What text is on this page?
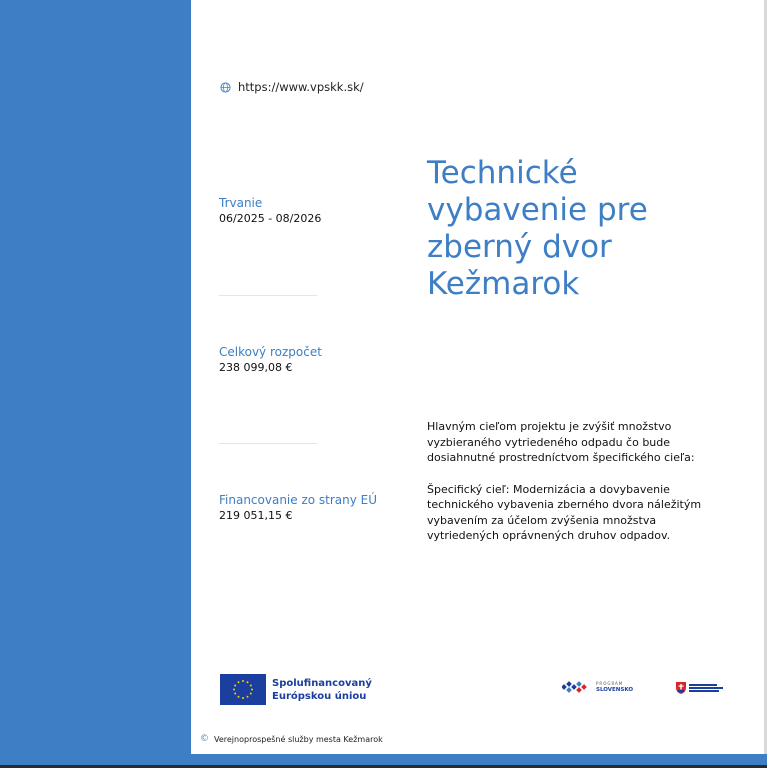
https://www.vpskk.sk/
Trvanie
06/2025 - 08/2026
Celkový rozpočet
238 099,08 €
Financovanie zo strany EÚ
219 051,15 €
Technické
vybavenie pre
zberný dvor
Kežmarok

Hlavným cieľom projektu je zvýšiť množstvo vyzbieraného vytriedeného odpadu čo bude dosiahnutné prostredníctvom špecifického cieľa:

Špecifický cieľ: Modernizácia a dovybavenie technického vybavenia zberného dvora náležitým vybavením za účelom zvýšenia množstva vytriedených oprávnených druhov odpadov.

Spolufinancovaný
Európskou úniou
PROGRAM
SLOVENSKO
© Verejnoprospešné služby mesta Kežmarok
